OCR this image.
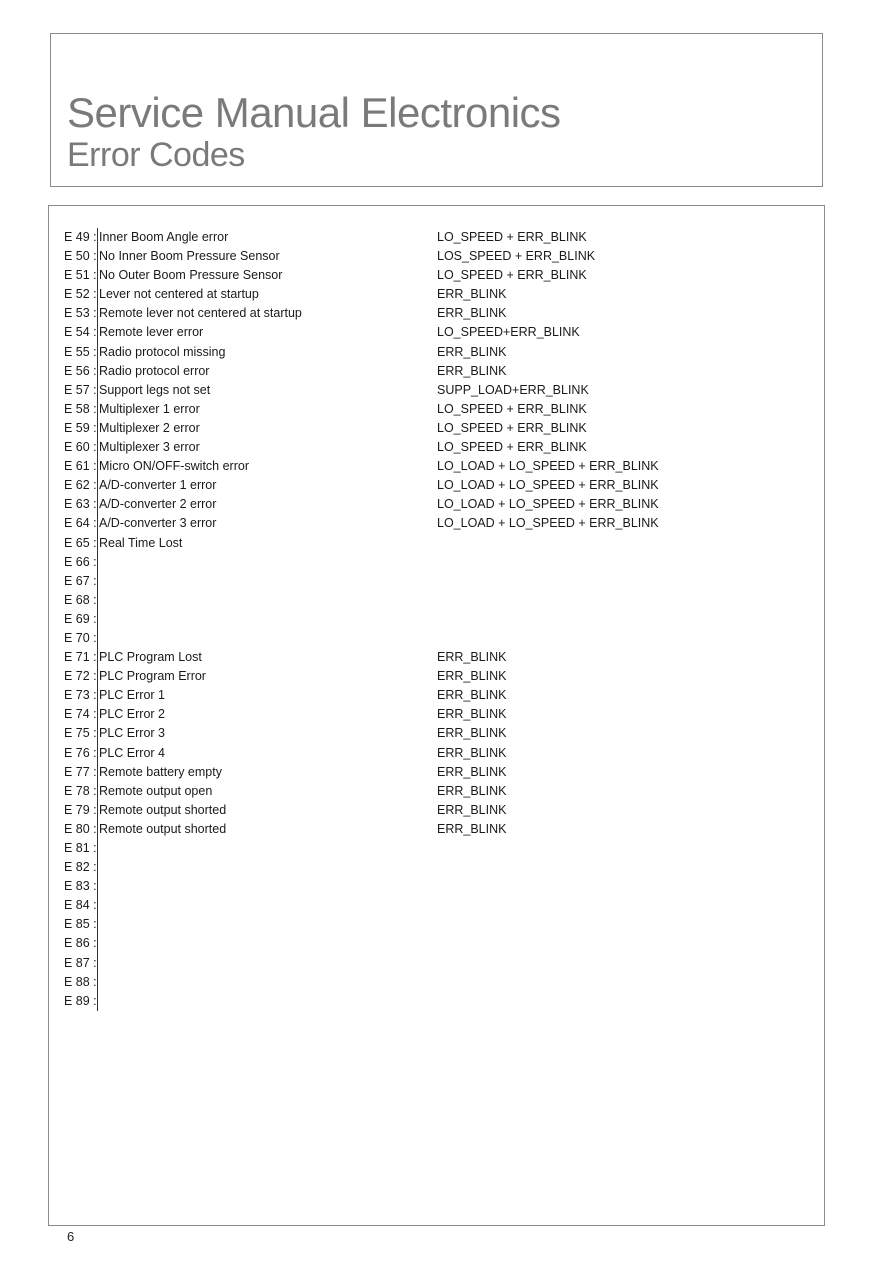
Service Manual Electronics
Error Codes
E 49 : Inner Boom Angle error	LO_SPEED + ERR_BLINK
E 50 : No Inner Boom Pressure Sensor	LOS_SPEED + ERR_BLINK
E 51 : No Outer Boom Pressure Sensor	LO_SPEED + ERR_BLINK
E 52 : Lever not centered at startup	ERR_BLINK
E 53 : Remote lever not centered at startup	ERR_BLINK
E 54 : Remote lever error	LO_SPEED+ERR_BLINK
E 55 : Radio protocol missing	ERR_BLINK
E 56 : Radio protocol error	ERR_BLINK
E 57 : Support legs not set	SUPP_LOAD+ERR_BLINK
E 58 : Multiplexer 1 error	LO_SPEED + ERR_BLINK
E 59 : Multiplexer 2 error	LO_SPEED + ERR_BLINK
E 60 : Multiplexer 3 error	LO_SPEED + ERR_BLINK
E 61 : Micro ON/OFF-switch error	LO_LOAD + LO_SPEED + ERR_BLINK
E 62 : A/D-converter 1 error	LO_LOAD + LO_SPEED + ERR_BLINK
E 63 : A/D-converter 2 error	LO_LOAD + LO_SPEED + ERR_BLINK
E 64 : A/D-converter 3 error	LO_LOAD + LO_SPEED + ERR_BLINK
E 65 : Real Time Lost
E 66 :
E 67 :
E 68 :
E 69 :
E 70 :
E 71 : PLC Program Lost	ERR_BLINK
E 72 : PLC Program Error	ERR_BLINK
E 73 : PLC Error 1	ERR_BLINK
E 74 : PLC Error 2	ERR_BLINK
E 75 : PLC Error 3	ERR_BLINK
E 76 : PLC Error 4	ERR_BLINK
E 77 : Remote battery empty	ERR_BLINK
E 78 : Remote output open	ERR_BLINK
E 79 : Remote output shorted	ERR_BLINK
E 80 : Remote output shorted	ERR_BLINK
E 81 :
E 82 :
E 83 :
E 84 :
E 85 :
E 86 :
E 87 :
E 88 :
E 89 :
6
